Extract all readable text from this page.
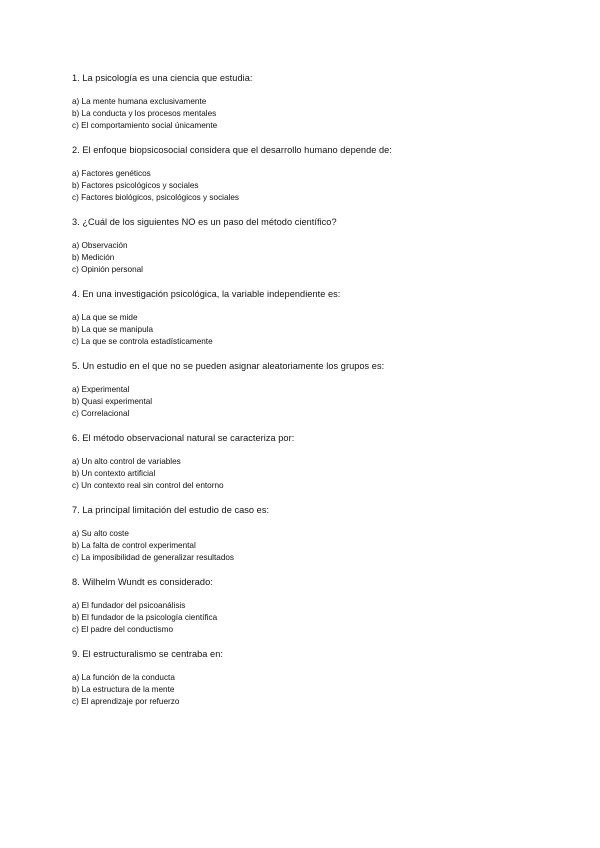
1. La psicología es una ciencia que estudia:

a) La mente humana exclusivamente

b) La conducta y los procesos mentales

c) El comportamiento social únicamente

2. El enfoque biopsicosocial considera que el desarrollo humano depende de:

a) Factores genéticos

b) Factores psicológicos y sociales

c) Factores biológicos, psicológicos y sociales

3. ¿Cuál de los siguientes NO es un paso del método científico?

a) Observación

b) Medición

c) Opinión personal

4. En una investigación psicológica, la variable independiente es:

a) La que se mide

b) La que se manipula

c) La que se controla estadísticamente

5. Un estudio en el que no se pueden asignar aleatoriamente los grupos es:

a) Experimental

b) Quasi experimental

c) Correlacional

6. El método observacional natural se caracteriza por:

a) Un alto control de variables

b) Un contexto artificial

c) Un contexto real sin control del entorno

7. La principal limitación del estudio de caso es:

a) Su alto coste

b) La falta de control experimental

c) La imposibilidad de generalizar resultados

8. Wilhelm Wundt es considerado:

a) El fundador del psicoanálisis

b) El fundador de la psicología científica

c) El padre del conductismo

9. El estructuralismo se centraba en:

a) La función de la conducta

b) La estructura de la mente

c) El aprendizaje por refuerzo
